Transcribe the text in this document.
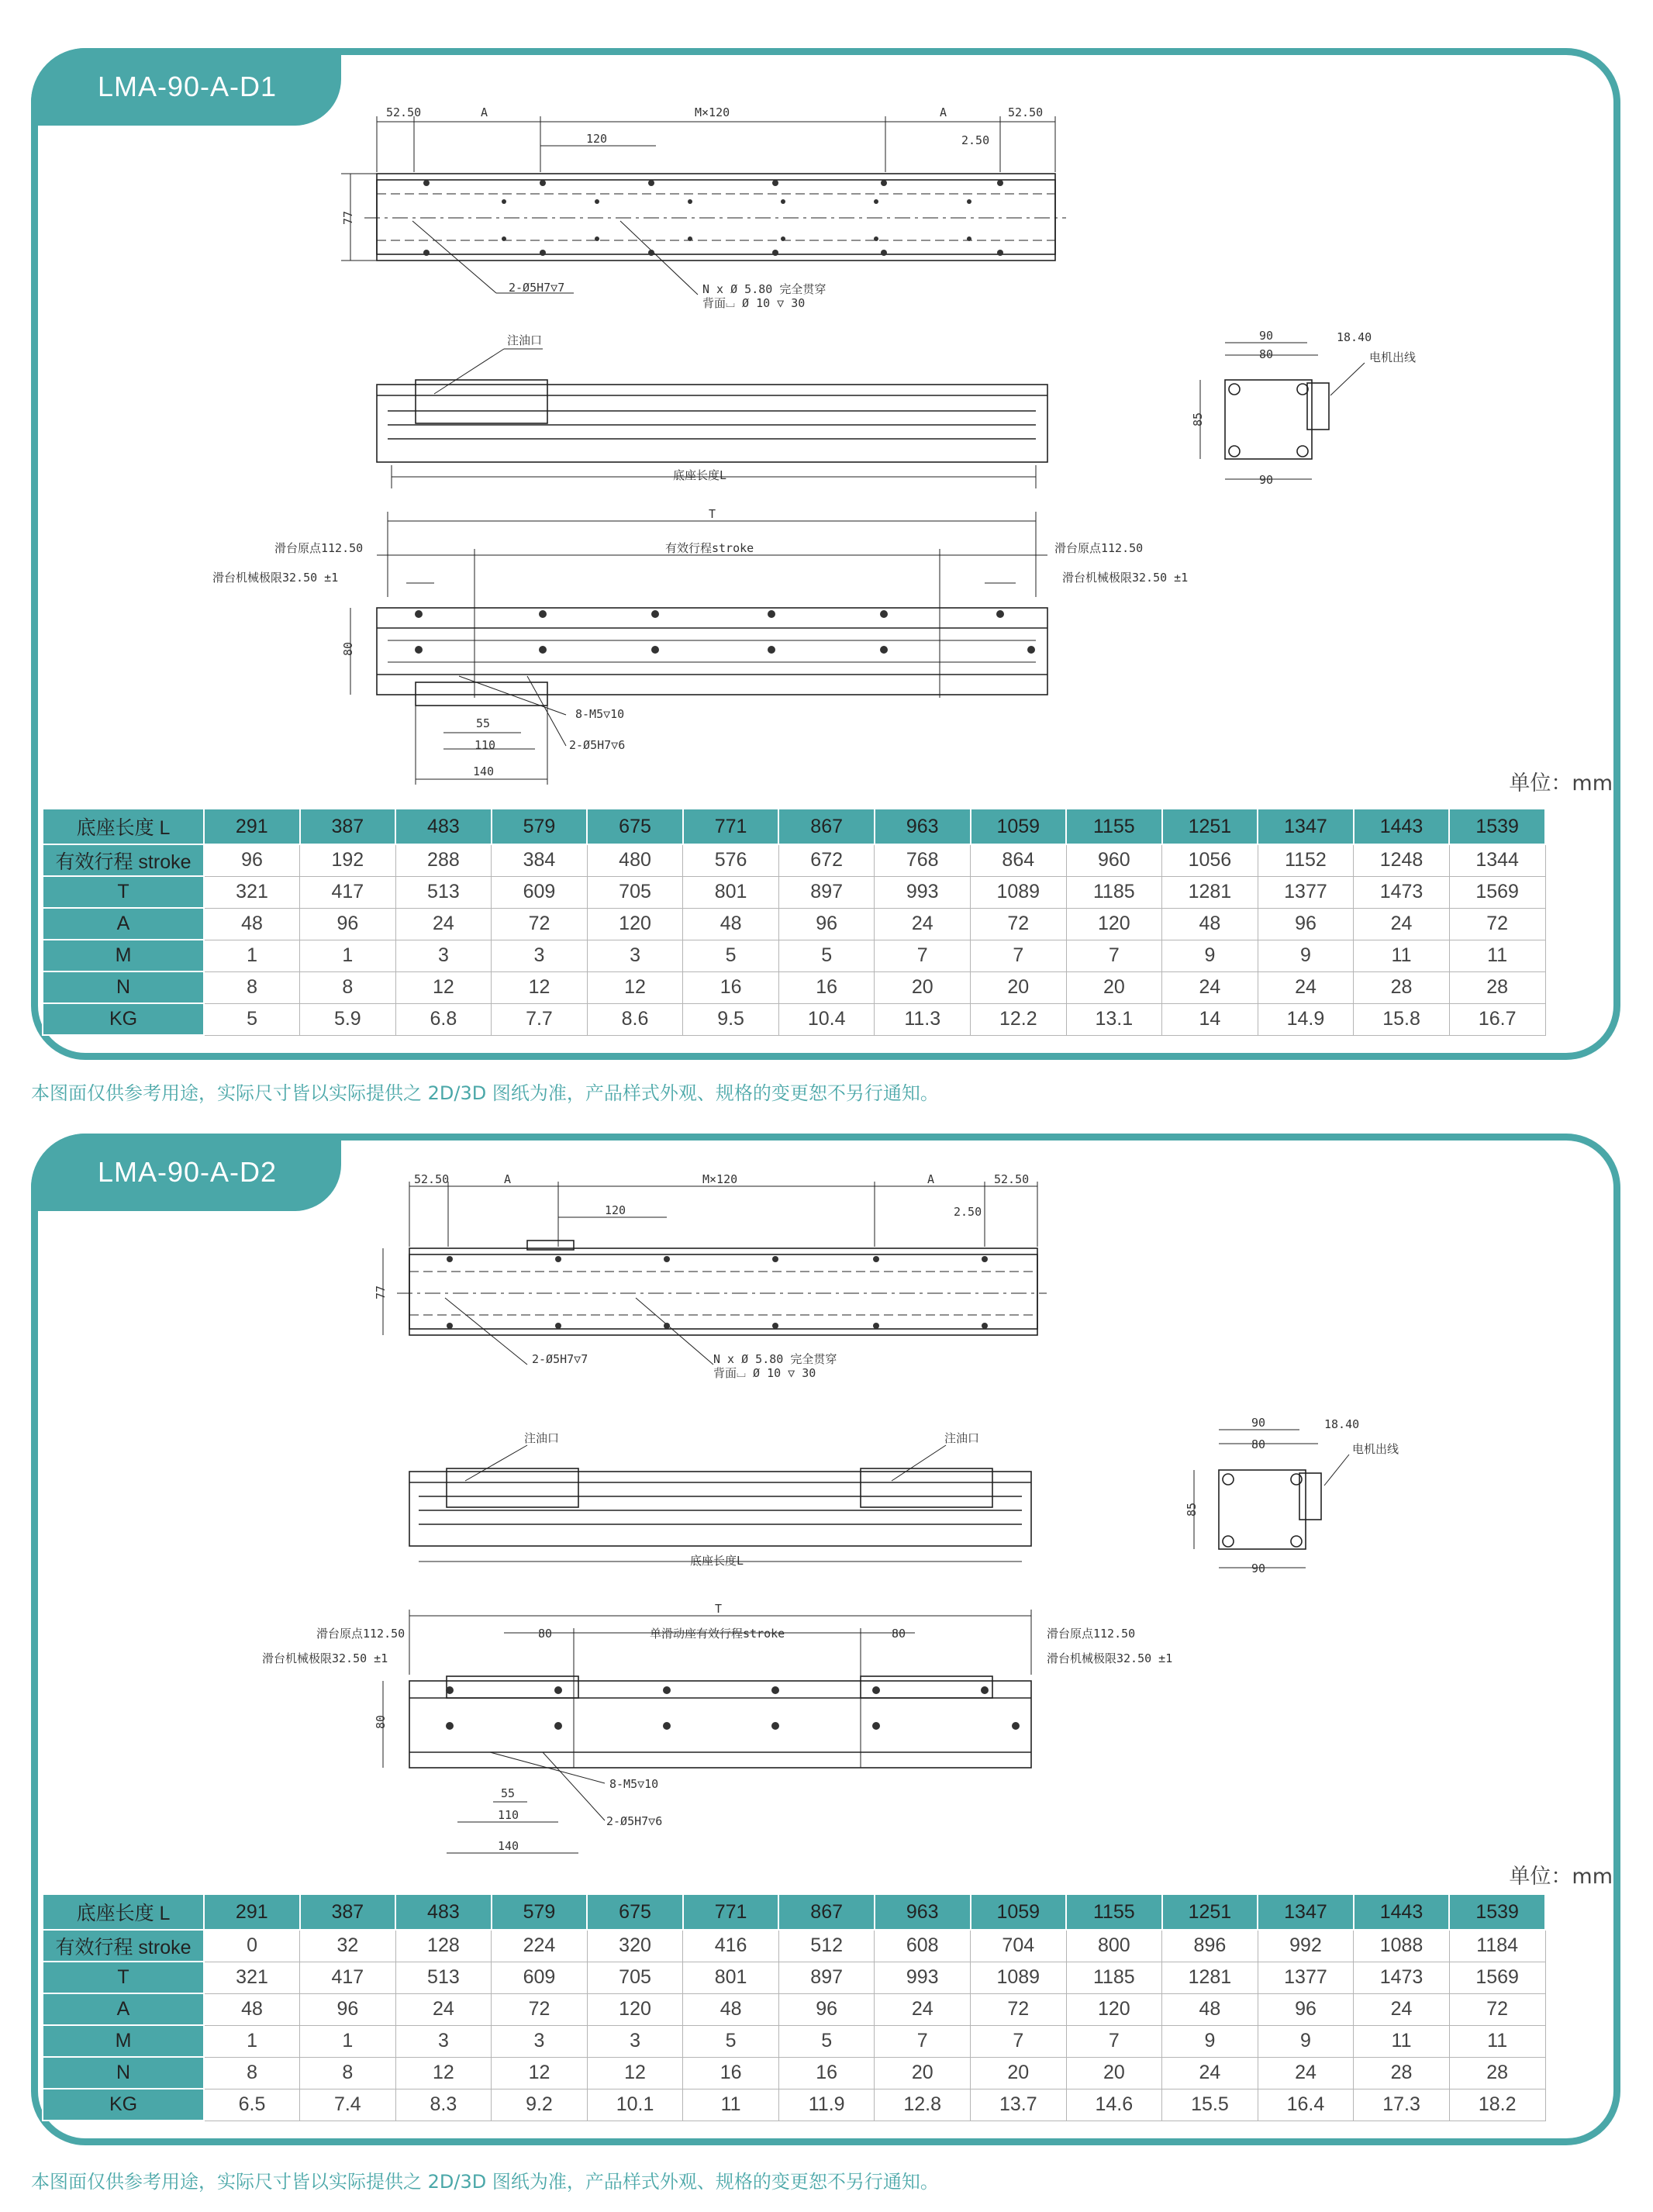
LMA-90-A-D1
52.50	A	M×120	A	52.50
120	2.50
77
2-Ø5H7▽7	N x Ø 5.80 完全贯穿
背面⌴ Ø 10 ▽ 30
注油口
底座长度L
90
80
18.40
电机出线
85
90
T
滑台原点112.50	有效行程stroke	滑台原点112.50
滑台机械极限32.50 ±1	滑台机械极限32.50 ±1
80
8-M5▽10
55
2-Ø5H7▽6
110
140	单位：mm
底座长度 L	291	387	483	579	675	771	867	963	1059	1155	1251	1347	1443	1539
有效行程 stroke	96	192	288	384	480	576	672	768	864	960	1056	1152	1248	1344
T	321	417	513	609	705	801	897	993	1089	1185	1281	1377	1473	1569
A	48	96	24	72	120	48	96	24	72	120	48	96	24	72
M	1	1	3	3	3	5	5	7	7	7	9	9	11	11
N	8	8	12	12	12	16	16	20	20	20	24	24	28	28
KG	5	5.9	6.8	7.7	8.6	9.5	10.4	11.3	12.2	13.1	14	14.9	15.8	16.7

本图面仅供参考用途，实际尺寸皆以实际提供之 2D/3D 图纸为准，产品样式外观、规格的变更恕不另行通知。
LMA-90-A-D2	52.50	A	M×120	A	52.50
120	2.50
77
2-Ø5H7▽7	N x Ø 5.80 完全贯穿
背面⌴ Ø 10 ▽ 30
注油口	注油口
底座长度L
90
80
18.40
电机出线
85
90
T
滑台原点112.50	80	单滑动座有效行程stroke	80	滑台原点112.50
滑台机械极限32.50 ±1	滑台机械极限32.50 ±1
80
8-M5▽10
55
2-Ø5H7▽6
110
140
单位：mm
底座长度 L	291	387	483	579	675	771	867	963	1059	1155	1251	1347	1443	1539
有效行程 stroke	0	32	128	224	320	416	512	608	704	800	896	992	1088	1184
T	321	417	513	609	705	801	897	993	1089	1185	1281	1377	1473	1569
A	48	96	24	72	120	48	96	24	72	120	48	96	24	72
M	1	1	3	3	3	5	5	7	7	7	9	9	11	11
N	8	8	12	12	12	16	16	20	20	20	24	24	28	28
KG	6.5	7.4	8.3	9.2	10.1	11	11.9	12.8	13.7	14.6	15.5	16.4	17.3	18.2
本图面仅供参考用途，实际尺寸皆以实际提供之 2D/3D 图纸为准，产品样式外观、规格的变更恕不另行通知。
